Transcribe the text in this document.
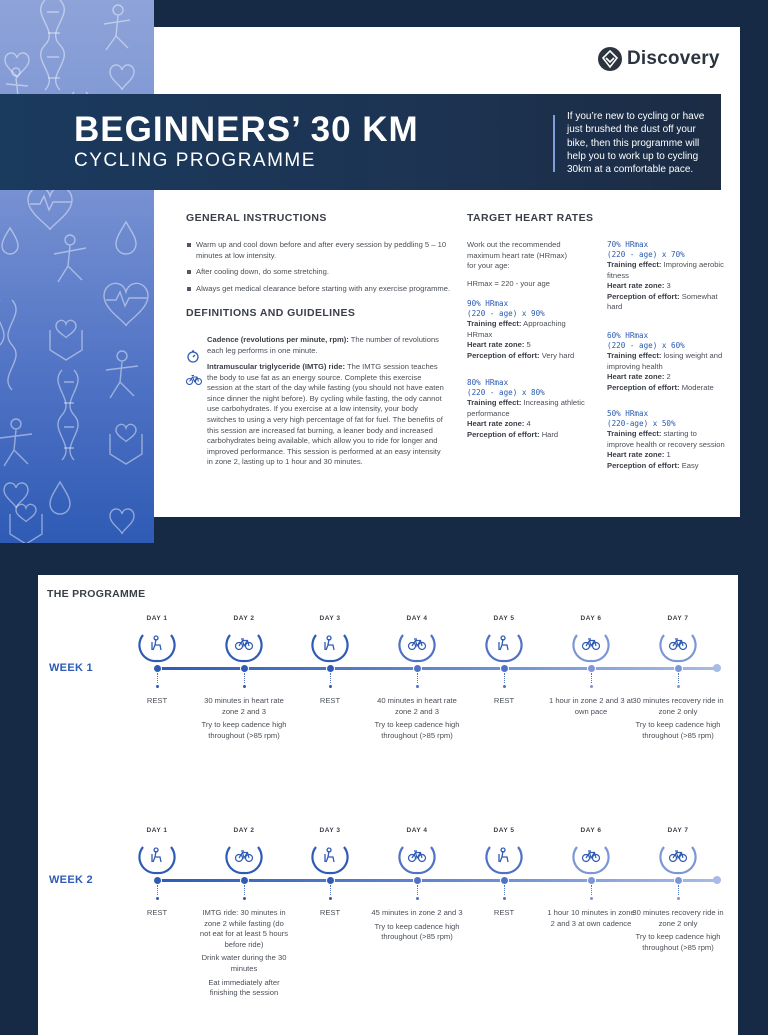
Discovery
BEGINNERS’ 30 KM
CYCLING PROGRAMME
If you’re new to cycling or have just brushed the dust off your bike, then this programme will help you to work up to cycling 30km at a comfortable pace.
GENERAL INSTRUCTIONS
Warm up and cool down before and after every session by peddling 5 – 10 minutes at low intensity.
After cooling down, do some stretching.
Always get medical clearance before starting with any exercise programme.
DEFINITIONS AND GUIDELINES
Cadence (revolutions per minute, rpm): The number of revolutions each leg performs in one minute.
Intramuscular triglyceride (IMTG) ride: The IMTG session teaches the body to use fat as an energy source. Complete this exercise session at the start of the day while fasting (you should not have eaten since dinner the night before). By cycling while fasting, the ody cannot use carbohydrates. If you exercise at a low intensity, your body switches to using a very high percentage of fat for fuel. The benefits of this session are increased fat burning, a leaner body and increased carbohydrates being available, which allow you to ride for longer and improved performance. This session is performed at an easy intensity in zone 2, lasting up to 1 hour and 30 minutes.
TARGET HEART RATES
Work out the recommended maximum heart rate (HRmax) for your age:
HRmax = 220 - your age
90% HRmax
(220 - age) x 90%
Training effect: Approaching HRmax
Heart rate zone: 5
Perception of effort: Very hard
80% HRmax
(220 - age) x 80%
Training effect: Increasing athletic performance
Heart rate zone: 4
Perception of effort: Hard
70% HRmax
(220 - age) x 70%
Training effect: Improving aerobic fitness
Heart rate zone: 3
Perception of effort: Somewhat hard
60% HRmax
(220 - age) x 60%
Training effect: losing weight and improving health
Heart rate zone: 2
Perception of effort: Moderate
50% HRmax
(220-age) x 50%
Training effect: starting to improve health or recovery session
Heart rate zone: 1
Perception of effort: Easy
THE PROGRAMME
WEEK 1
DAY 1
REST
DAY 2
30 minutes in heart rate zone 2 and 3
Try to keep cadence high throughout (>85 rpm)
DAY 3
REST
DAY 4
40 minutes in heart rate zone 2 and 3
Try to keep cadence high throughout (>85 rpm)
DAY 5
REST
DAY 6
1 hour in zone 2 and 3 at own pace
DAY 7
30 minutes recovery ride in zone 2 only
Try to keep cadence high throughout (>85 rpm)
WEEK 2
DAY 1
REST
DAY 2
IMTG ride: 30 minutes in zone 2 while fasting (do not eat for at least 5 hours before ride)
Drink water during the 30 minutes
Eat immediately after finishing the session
DAY 3
REST
DAY 4
45 minutes in zone 2 and 3
Try to keep cadence high throughout (>85 rpm)
DAY 5
REST
DAY 6
1 hour 10 minutes in zone 2 and 3 at own cadence
DAY 7
30 minutes recovery ride in zone 2 only
Try to keep cadence high throughout (>85 rpm)
